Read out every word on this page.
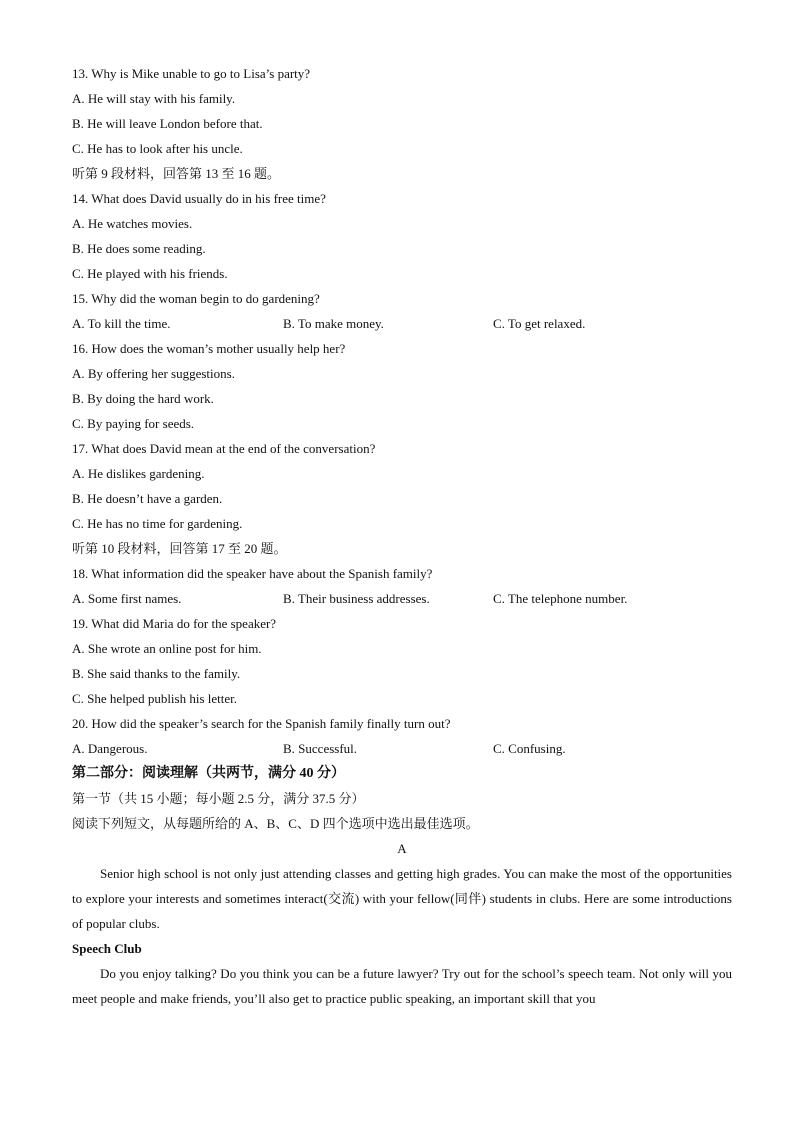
13. Why is Mike unable to go to Lisa’s party?

A. He will stay with his family.

B. He will leave London before that.

C. He has to look after his uncle.

听第 9 段材料，回答第 13 至 16 题。

14. What does David usually do in his free time?

A. He watches movies.

B. He does some reading.

C. He played with his friends.

15. Why did the woman begin to do gardening?

A. To kill the time.	B. To make money.	C. To get relaxed.

16. How does the woman’s mother usually help her?

A. By offering her suggestions.

B. By doing the hard work.

C. By paying for seeds.

17. What does David mean at the end of the conversation?

A. He dislikes gardening.

B. He doesn’t have a garden.

C. He has no time for gardening.

听第 10 段材料，回答第 17 至 20 题。

18. What information did the speaker have about the Spanish family?

A. Some first names.	B. Their business addresses.	C. The telephone number.

19. What did Maria do for the speaker?

A. She wrote an online post for him.

B. She said thanks to the family.

C. She helped publish his letter.

20. How did the speaker’s search for the Spanish family finally turn out?

A. Dangerous.	B. Successful.	C. Confusing.

第二部分：阅读理解（共两节，满分 40 分）

第一节（共 15 小题；每小题 2.5 分，满分 37.5 分）

阅读下列短文，从每题所给的 A、B、C、D 四个选项中选出最佳选项。

A

Senior high school is not only just attending classes and getting high grades. You can make the most of the opportunities to explore your interests and sometimes interact(交流) with your fellow(同伴) students in clubs. Here are some introductions of popular clubs.

Speech Club

Do you enjoy talking? Do you think you can be a future lawyer? Try out for the school’s speech team. Not only will you meet people and make friends, you’ll also get to practice public speaking, an important skill that you
